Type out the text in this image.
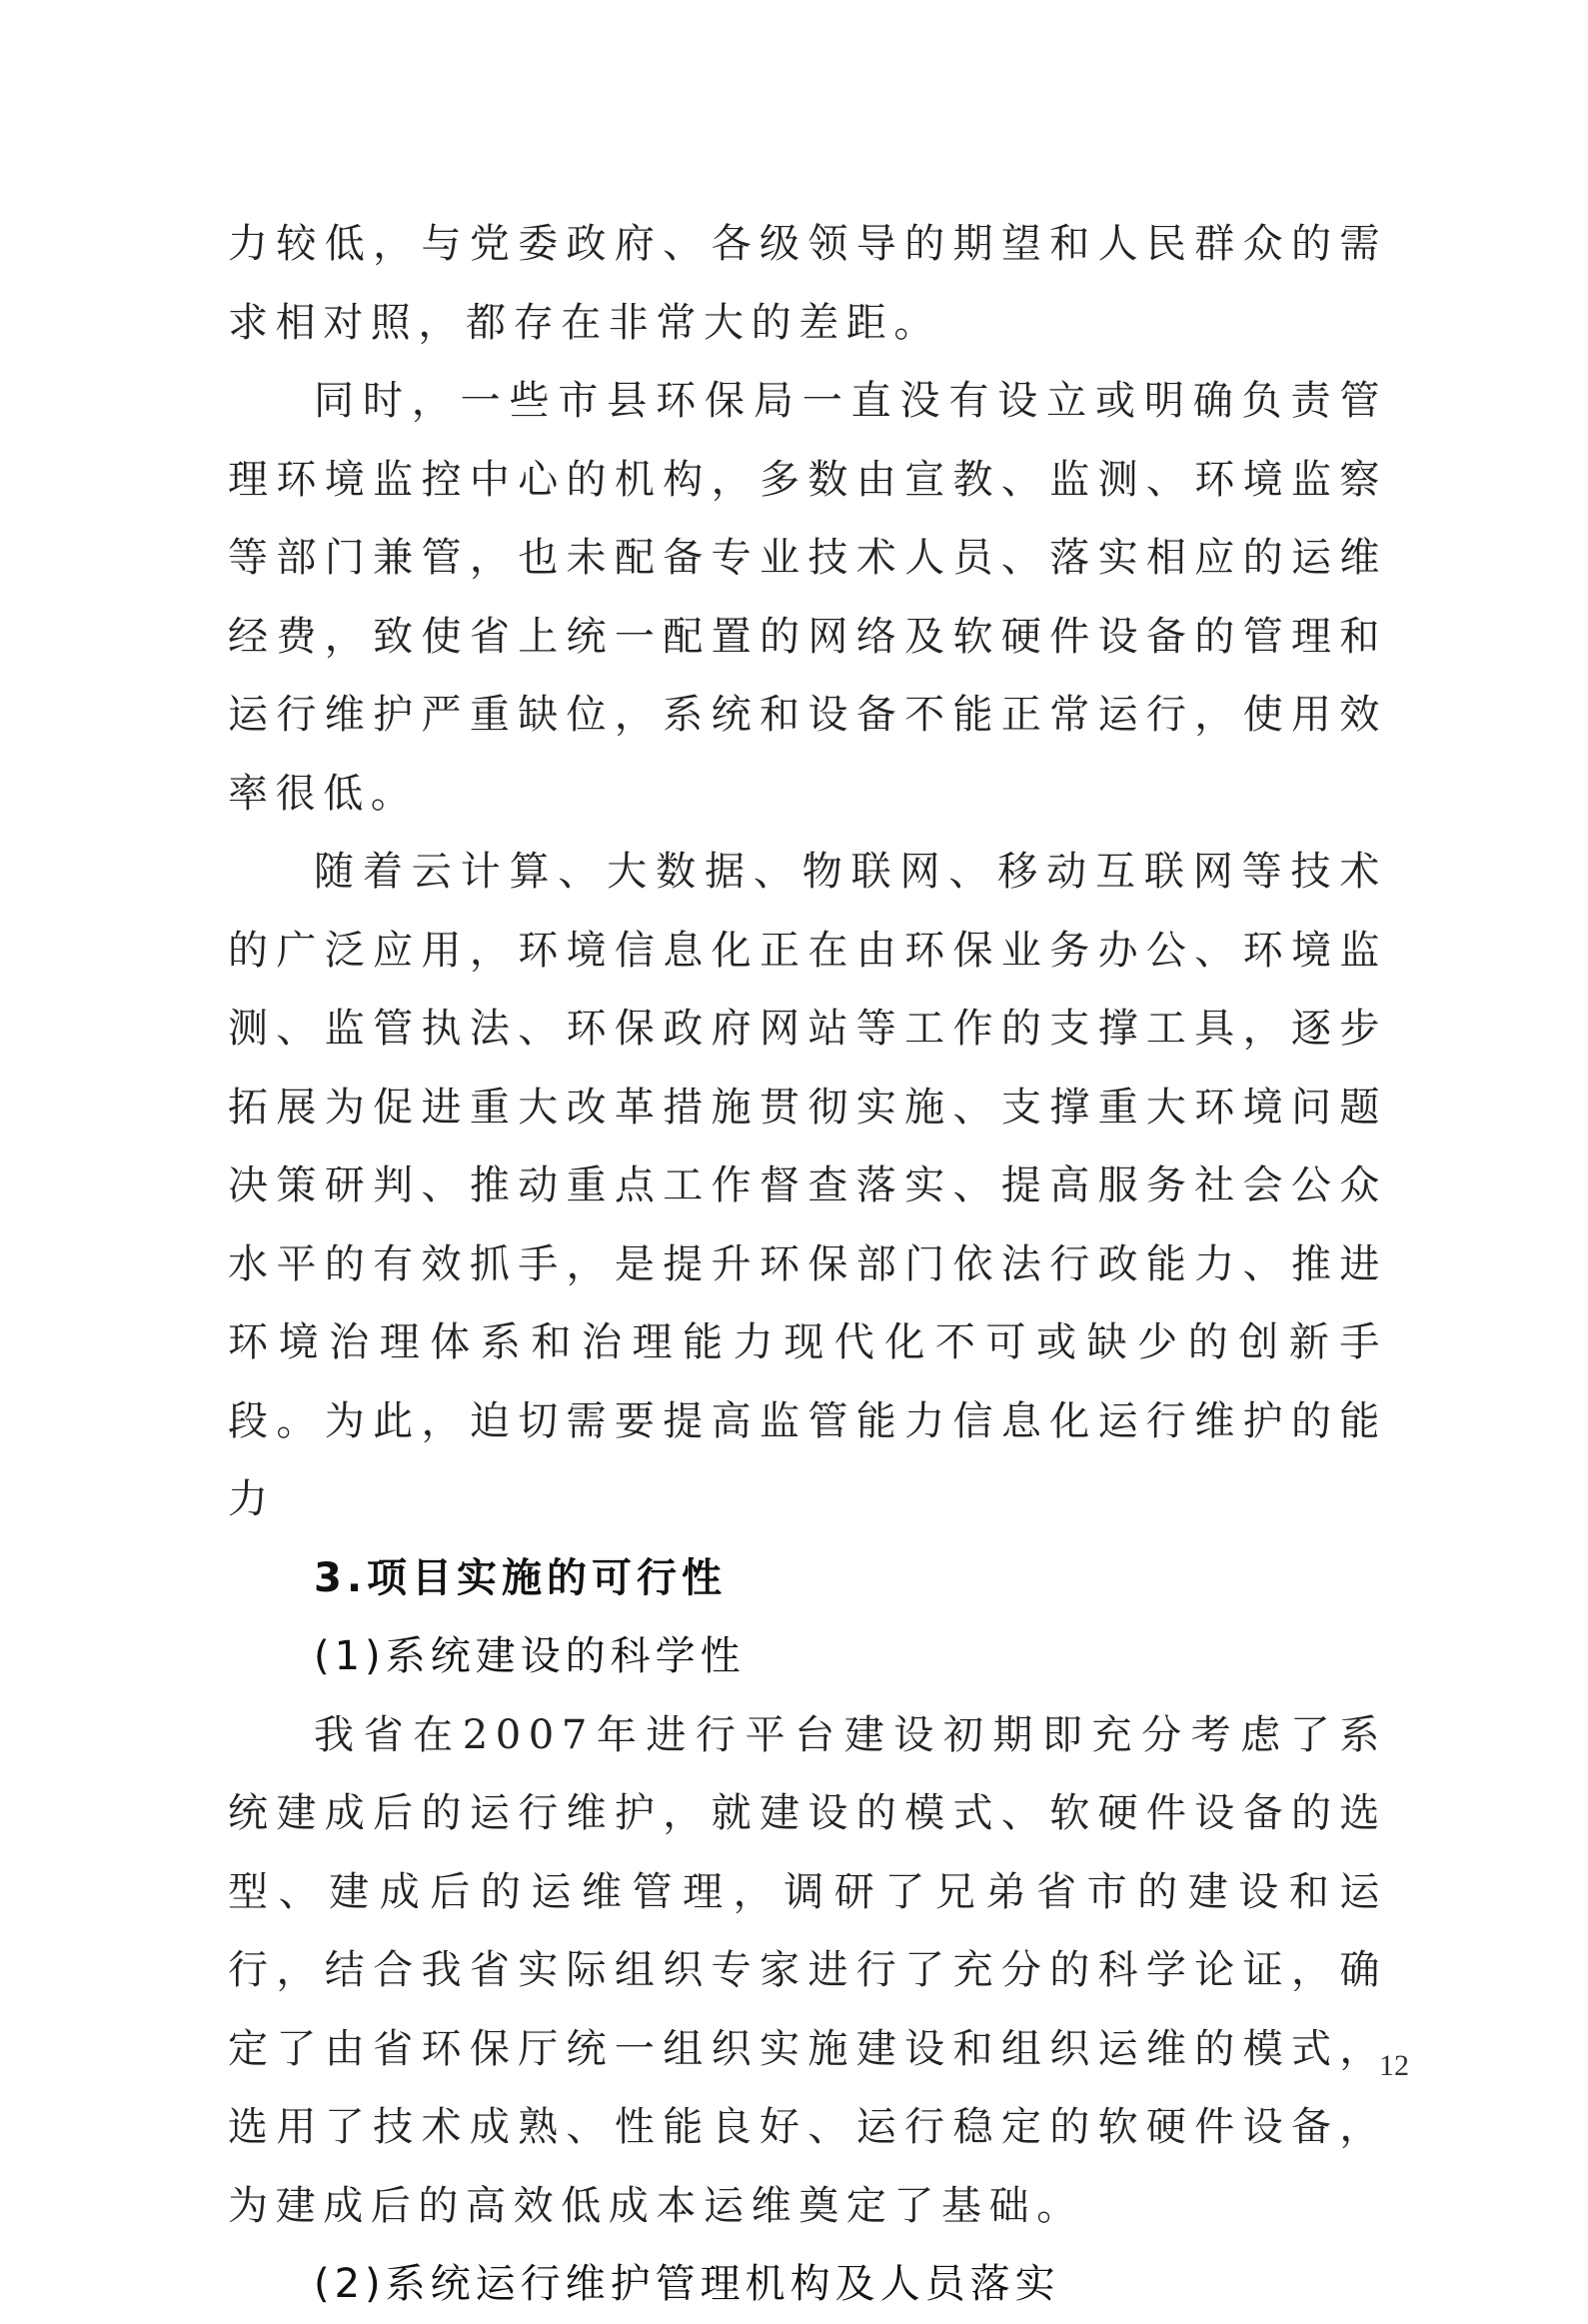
力较低，与党委政府、各级领导的期望和人民群众的需求相对照，都存在非常大的差距。

同时，一些市县环保局一直没有设立或明确负责管理环境监控中心的机构，多数由宣教、监测、环境监察等部门兼管，也未配备专业技术人员、落实相应的运维经费，致使省上统一配置的网络及软硬件设备的管理和运行维护严重缺位，系统和设备不能正常运行，使用效率很低。

随着云计算、大数据、物联网、移动互联网等技术的广泛应用，环境信息化正在由环保业务办公、环境监测、监管执法、环保政府网站等工作的支撑工具，逐步拓展为促进重大改革措施贯彻实施、支撑重大环境问题决策研判、推动重点工作督查落实、提高服务社会公众水平的有效抓手，是提升环保部门依法行政能力、推进环境治理体系和治理能力现代化不可或缺少的创新手段。为此，迫切需要提高监管能力信息化运行维护的能力

3.项目实施的可行性

(1)系统建设的科学性

我省在2007年进行平台建设初期即充分考虑了系统建成后的运行维护，就建设的模式、软硬件设备的选型、建成后的运维管理，调研了兄弟省市的建设和运行，结合我省实际组织专家进行了充分的科学论证，确定了由省环保厅统一组织实施建设和组织运维的模式，选用了技术成熟、性能良好、运行稳定的软硬件设备，为建成后的高效低成本运维奠定了基础。

(2)系统运行维护管理机构及人员落实

12
